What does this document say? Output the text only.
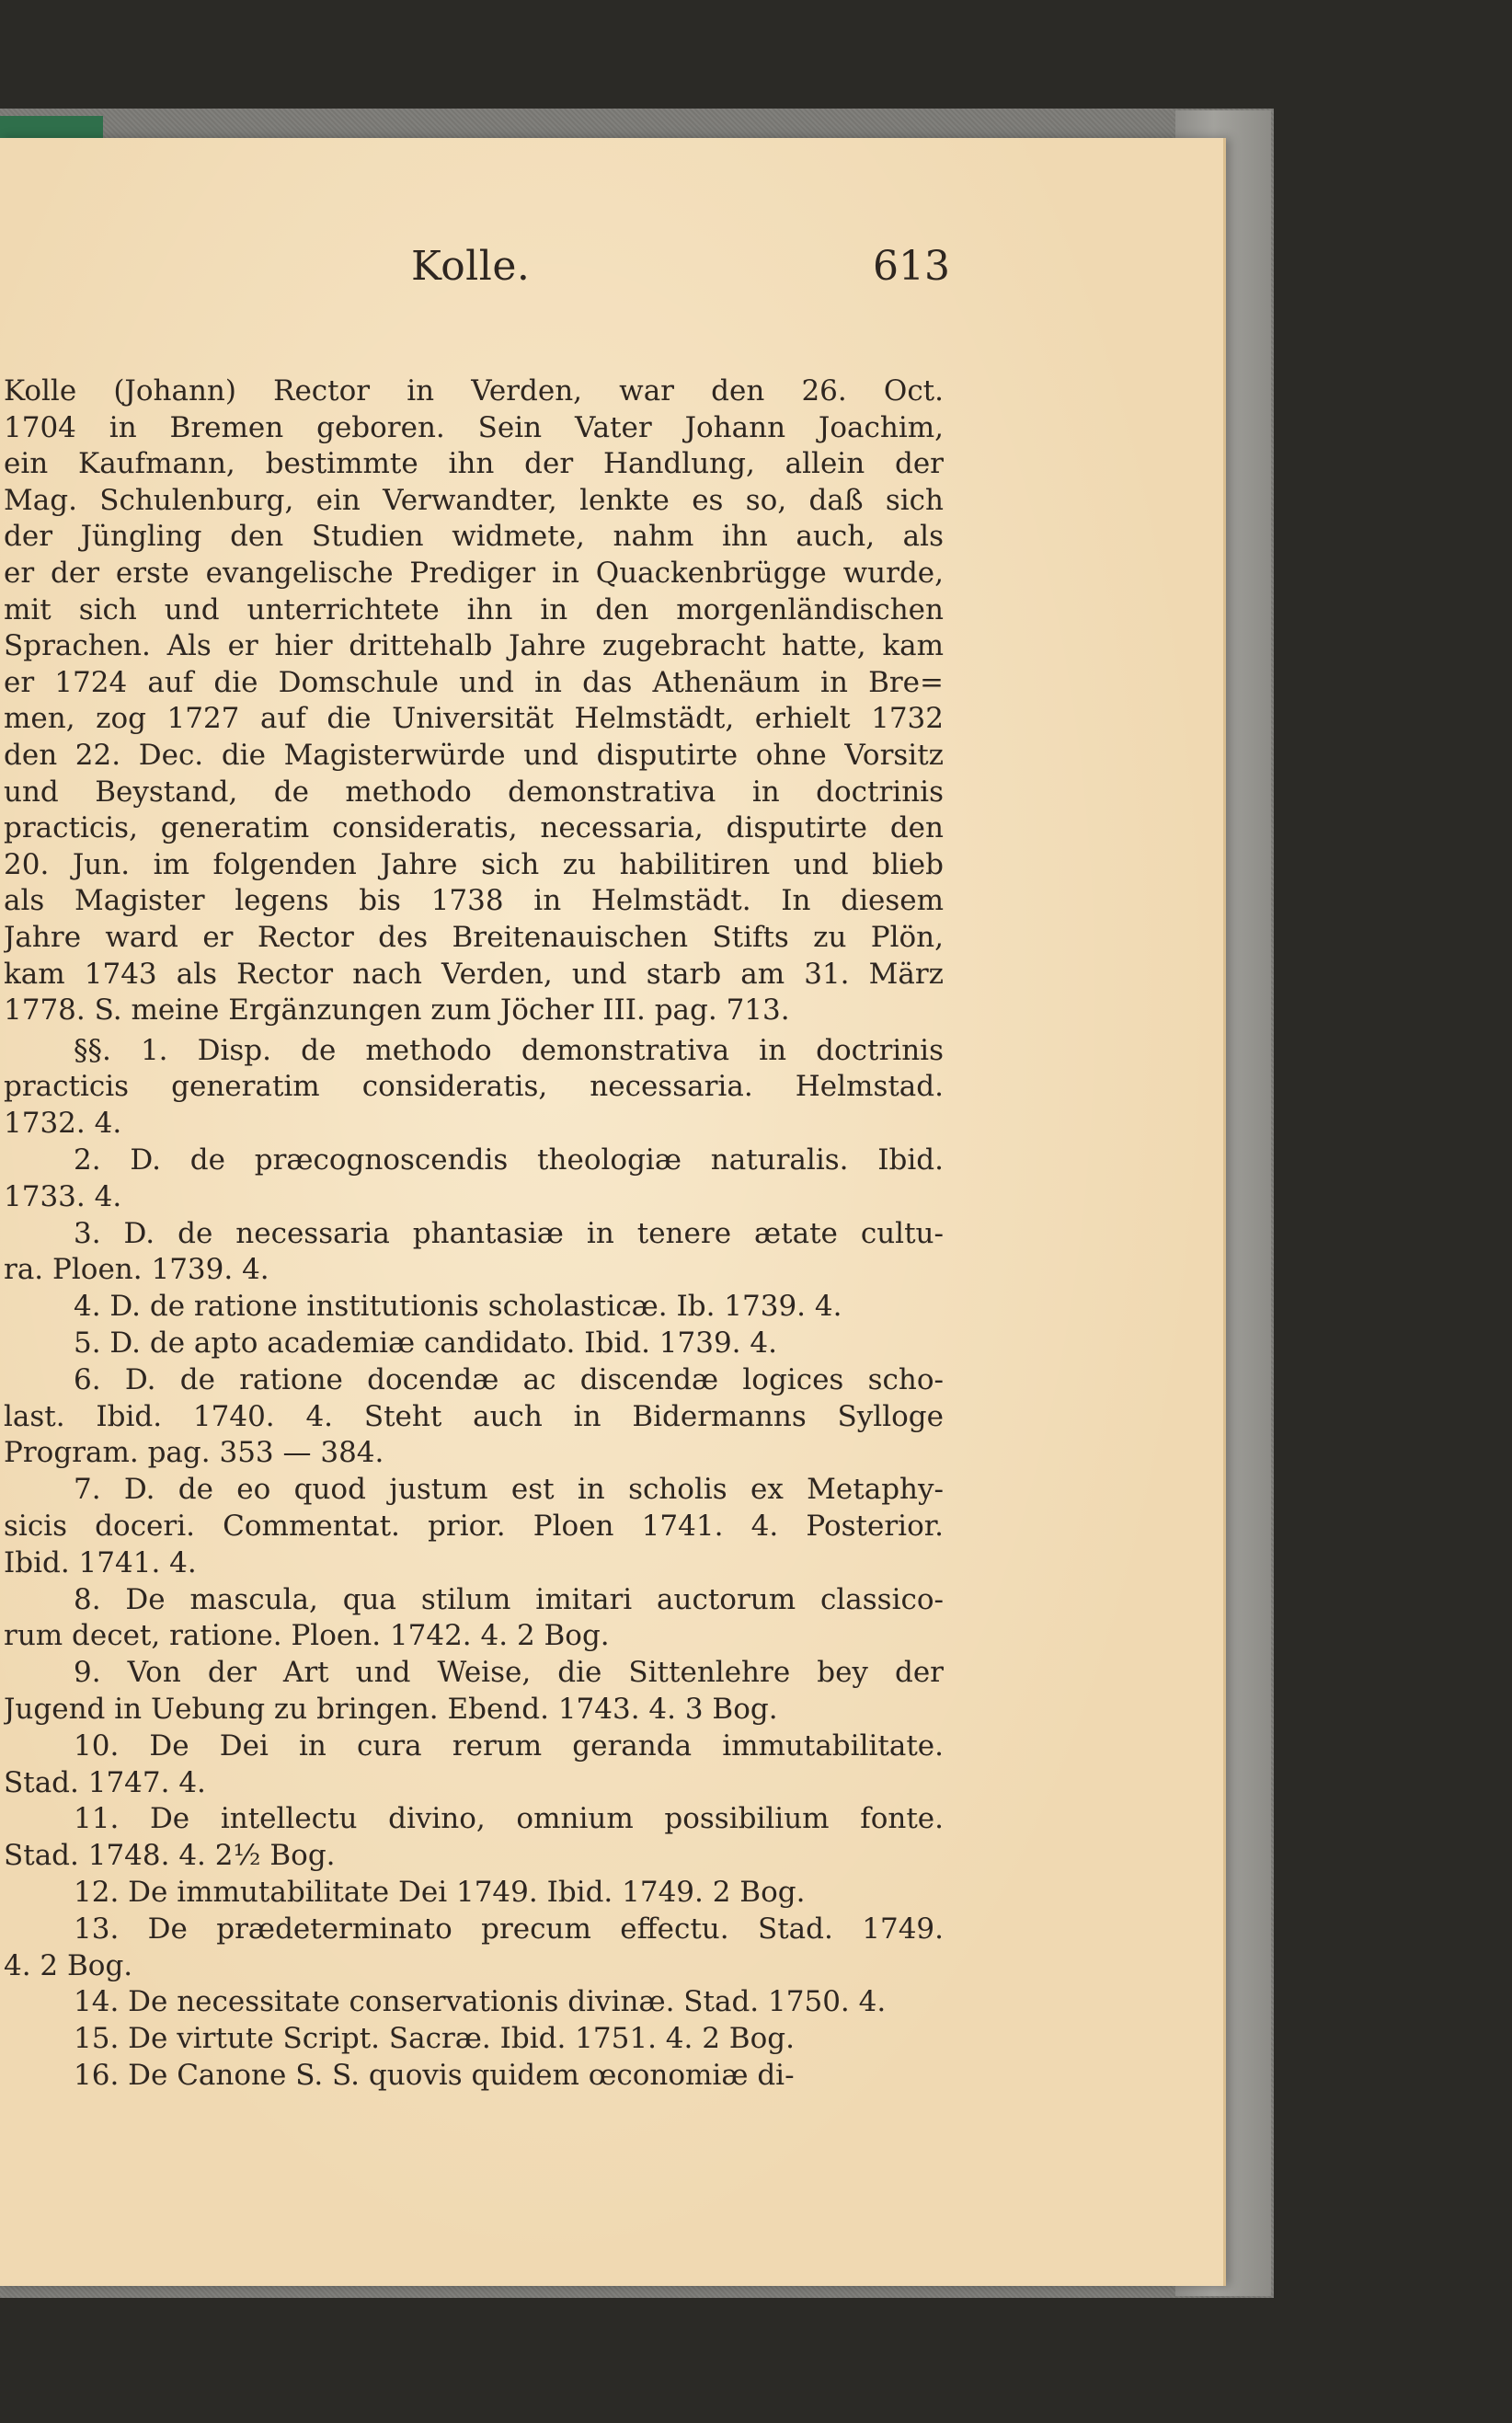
Kolle.	613
Kolle (Johann) Rector in Verden, war den 26. Oct.
1704 in Bremen geboren. Sein Vater Johann Joachim,
ein Kaufmann, bestimmte ihn der Handlung, allein der
Mag. Schulenburg, ein Verwandter, lenkte es so, daß sich
der Jüngling den Studien widmete, nahm ihn auch, als
er der erste evangelische Prediger in Quackenbrügge wurde,
mit sich und unterrichtete ihn in den morgenländischen
Sprachen. Als er hier drittehalb Jahre zugebracht hatte, kam
er 1724 auf die Domschule und in das Athenäum in Bre=
men, zog 1727 auf die Universität Helmstädt, erhielt 1732
den 22. Dec. die Magisterwürde und disputirte ohne Vorsitz
und Beystand, de methodo demonstrativa in doctrinis
practicis, generatim consideratis, necessaria, disputirte den
20. Jun. im folgenden Jahre sich zu habilitiren und blieb
als Magister legens bis 1738 in Helmstädt. In diesem
Jahre ward er Rector des Breitenauischen Stifts zu Plön,
kam 1743 als Rector nach Verden, und starb am 31. März
1778. S. meine Ergänzungen zum Jöcher III. pag. 713.
§§. 1. Disp. de methodo demonstrativa in doctrinis
practicis generatim consideratis, necessaria. Helmstad.
1732. 4.
2. D. de præcognoscendis theologiæ naturalis. Ibid.
1733. 4.
3. D. de necessaria phantasiæ in tenere ætate cultu-
ra. Ploen. 1739. 4.
4. D. de ratione institutionis scholasticæ. Ib. 1739. 4.
5. D. de apto academiæ candidato. Ibid. 1739. 4.
6. D. de ratione docendæ ac discendæ logices scho-
last. Ibid. 1740. 4. Steht auch in Bidermanns Sylloge
Program. pag. 353 — 384.
7. D. de eo quod justum est in scholis ex Metaphy-
sicis doceri. Commentat. prior. Ploen 1741. 4. Posterior.
Ibid. 1741. 4.
8. De mascula, qua stilum imitari auctorum classico-
rum decet, ratione. Ploen. 1742. 4. 2 Bog.
9. Von der Art und Weise, die Sittenlehre bey der
Jugend in Uebung zu bringen. Ebend. 1743. 4. 3 Bog.
10. De Dei in cura rerum geranda immutabilitate.
Stad. 1747. 4.
11. De intellectu divino, omnium possibilium fonte.
Stad. 1748. 4. 2½ Bog.
12. De immutabilitate Dei 1749. Ibid. 1749. 2 Bog.
13. De prædeterminato precum effectu. Stad. 1749.
4. 2 Bog.
14. De necessitate conservationis divinæ. Stad. 1750. 4.
15. De virtute Script. Sacræ. Ibid. 1751. 4. 2 Bog.
16. De Canone S. S. quovis quidem œconomiæ di-
